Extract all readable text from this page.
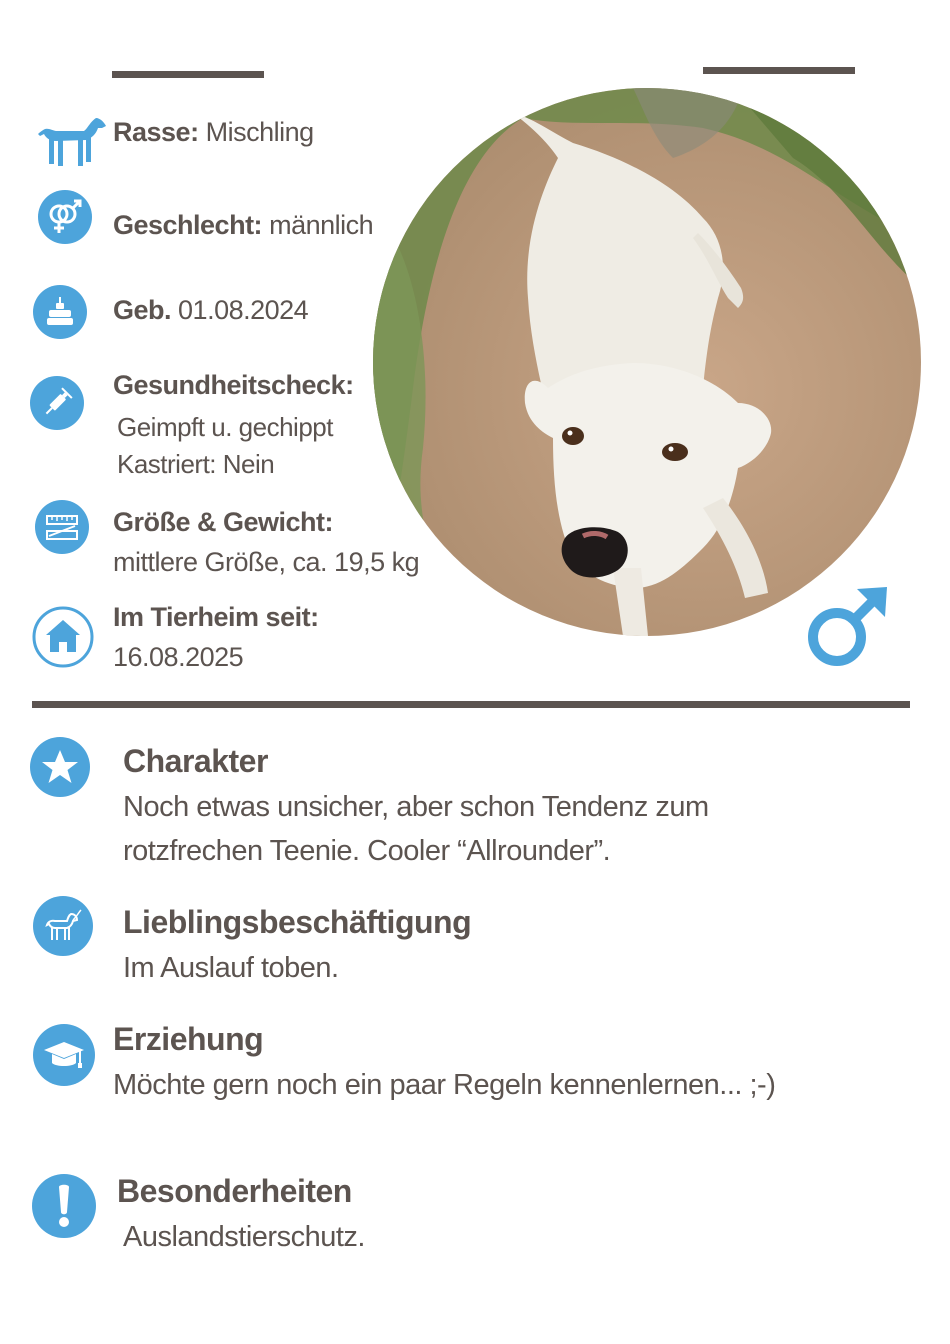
Rasse: Mischling
Geschlecht: männlich
Geb. 01.08.2024
Gesundheitscheck:
Geimpft u. gechippt
Kastriert: Nein
Größe & Gewicht:
mittlere Größe, ca. 19,5 kg
Im Tierheim seit:
16.08.2025
Charakter
Noch etwas unsicher, aber schon Tendenz zum rotzfrechen Teenie. Cooler “Allrounder”.
Lieblingsbeschäftigung
Im Auslauf toben.
Erziehung
Möchte gern noch ein paar Regeln kennenlernen... ;-)
Besonderheiten
Auslandstierschutz.
